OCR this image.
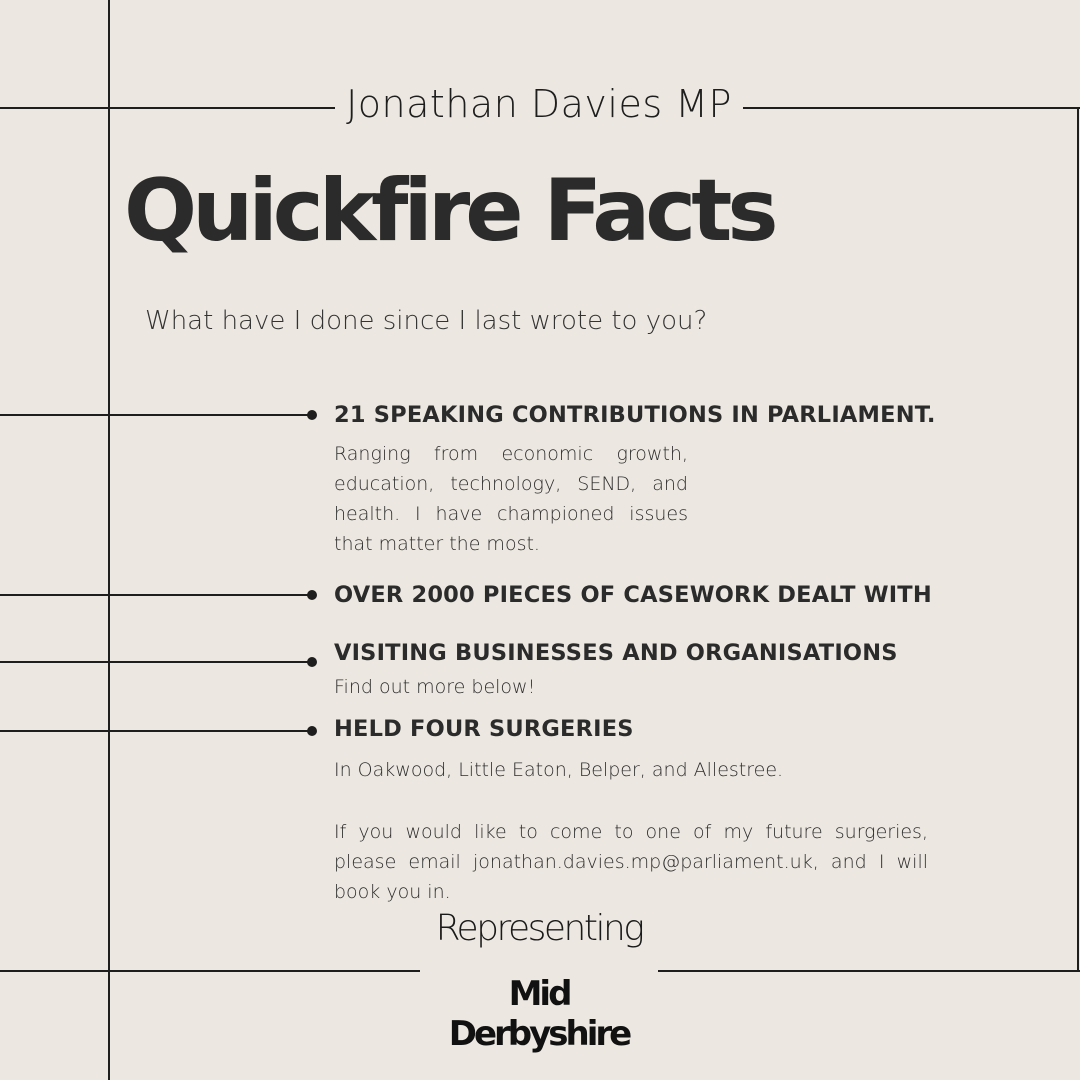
Jonathan Davies MP
Quickfire Facts
What have I done since I last wrote to you?
21 SPEAKING CONTRIBUTIONS IN PARLIAMENT.
Ranging from economic growth, education, technology, SEND, and health. I have championed issues that matter the most.
OVER 2000 PIECES OF CASEWORK DEALT WITH
VISITING BUSINESSES AND ORGANISATIONS
Find out more below!
HELD FOUR SURGERIES
In Oakwood, Little Eaton, Belper, and Allestree.
If you would like to come to one of my future surgeries, please email jonathan.davies.mp@parliament.uk, and I will book you in.
Representing
Mid Derbyshire
